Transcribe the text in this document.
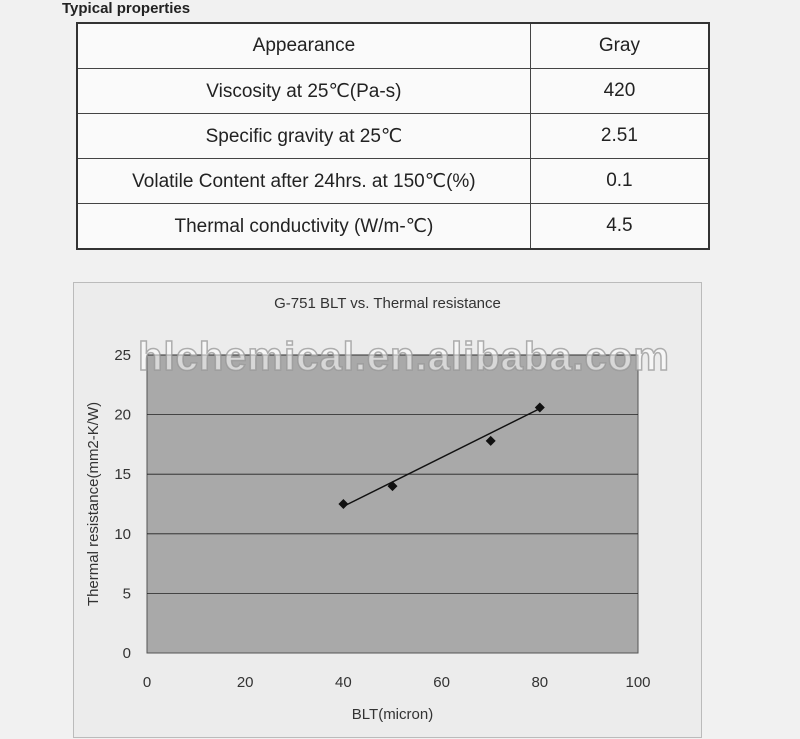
Typical properties
Appearance	Gray
Viscosity at 25℃(Pa-s)	420
Specific gravity at 25℃	2.51
Volatile Content after 24hrs. at 150℃(%)	0.1
Thermal conductivity (W/m-℃)	4.5
0
5
10
15
20
25
0	20	40	60	80	100
BLT(micron)
Thermal resistance(mm2-K/W)
G-751 BLT vs. Thermal resistance
hlchemical.en.alibaba.com
